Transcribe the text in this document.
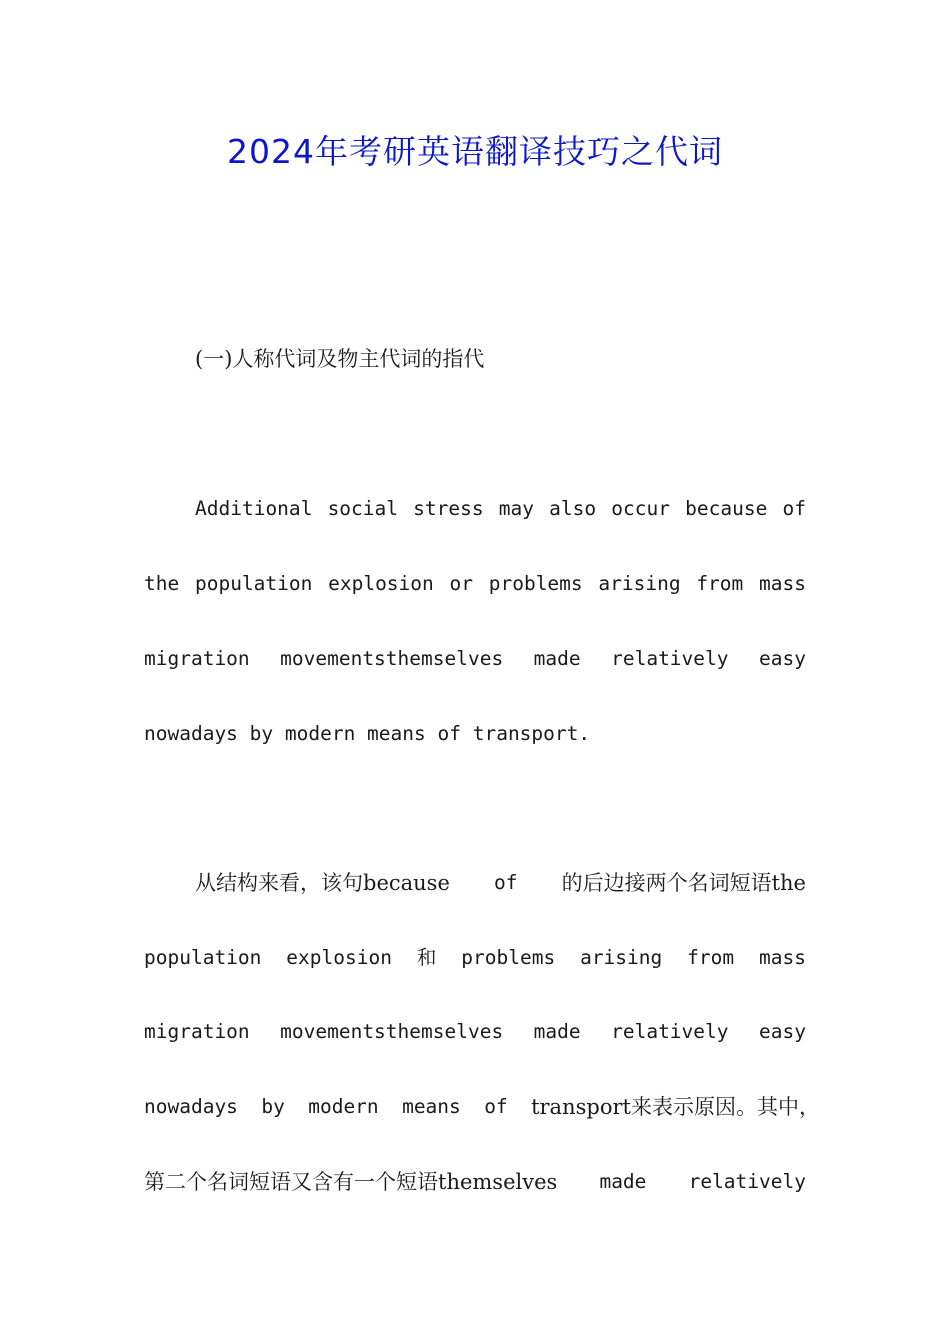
2024年考研英语翻译技巧之代词
(一)人称代词及物主代词的指代
Additional social stress may also occur because of
the population explosion or problems arising from mass
migration movementsthemselves made relatively easy
nowadays by modern means of transport.
从结构来看，该句because of 的后边接两个名词短语the
population explosion 和 problems arising from mass
migration movementsthemselves made relatively easy
nowadays by modern means of transport来表示原因。其中，
第二个名词短语又含有一个短语themselves made relatively
